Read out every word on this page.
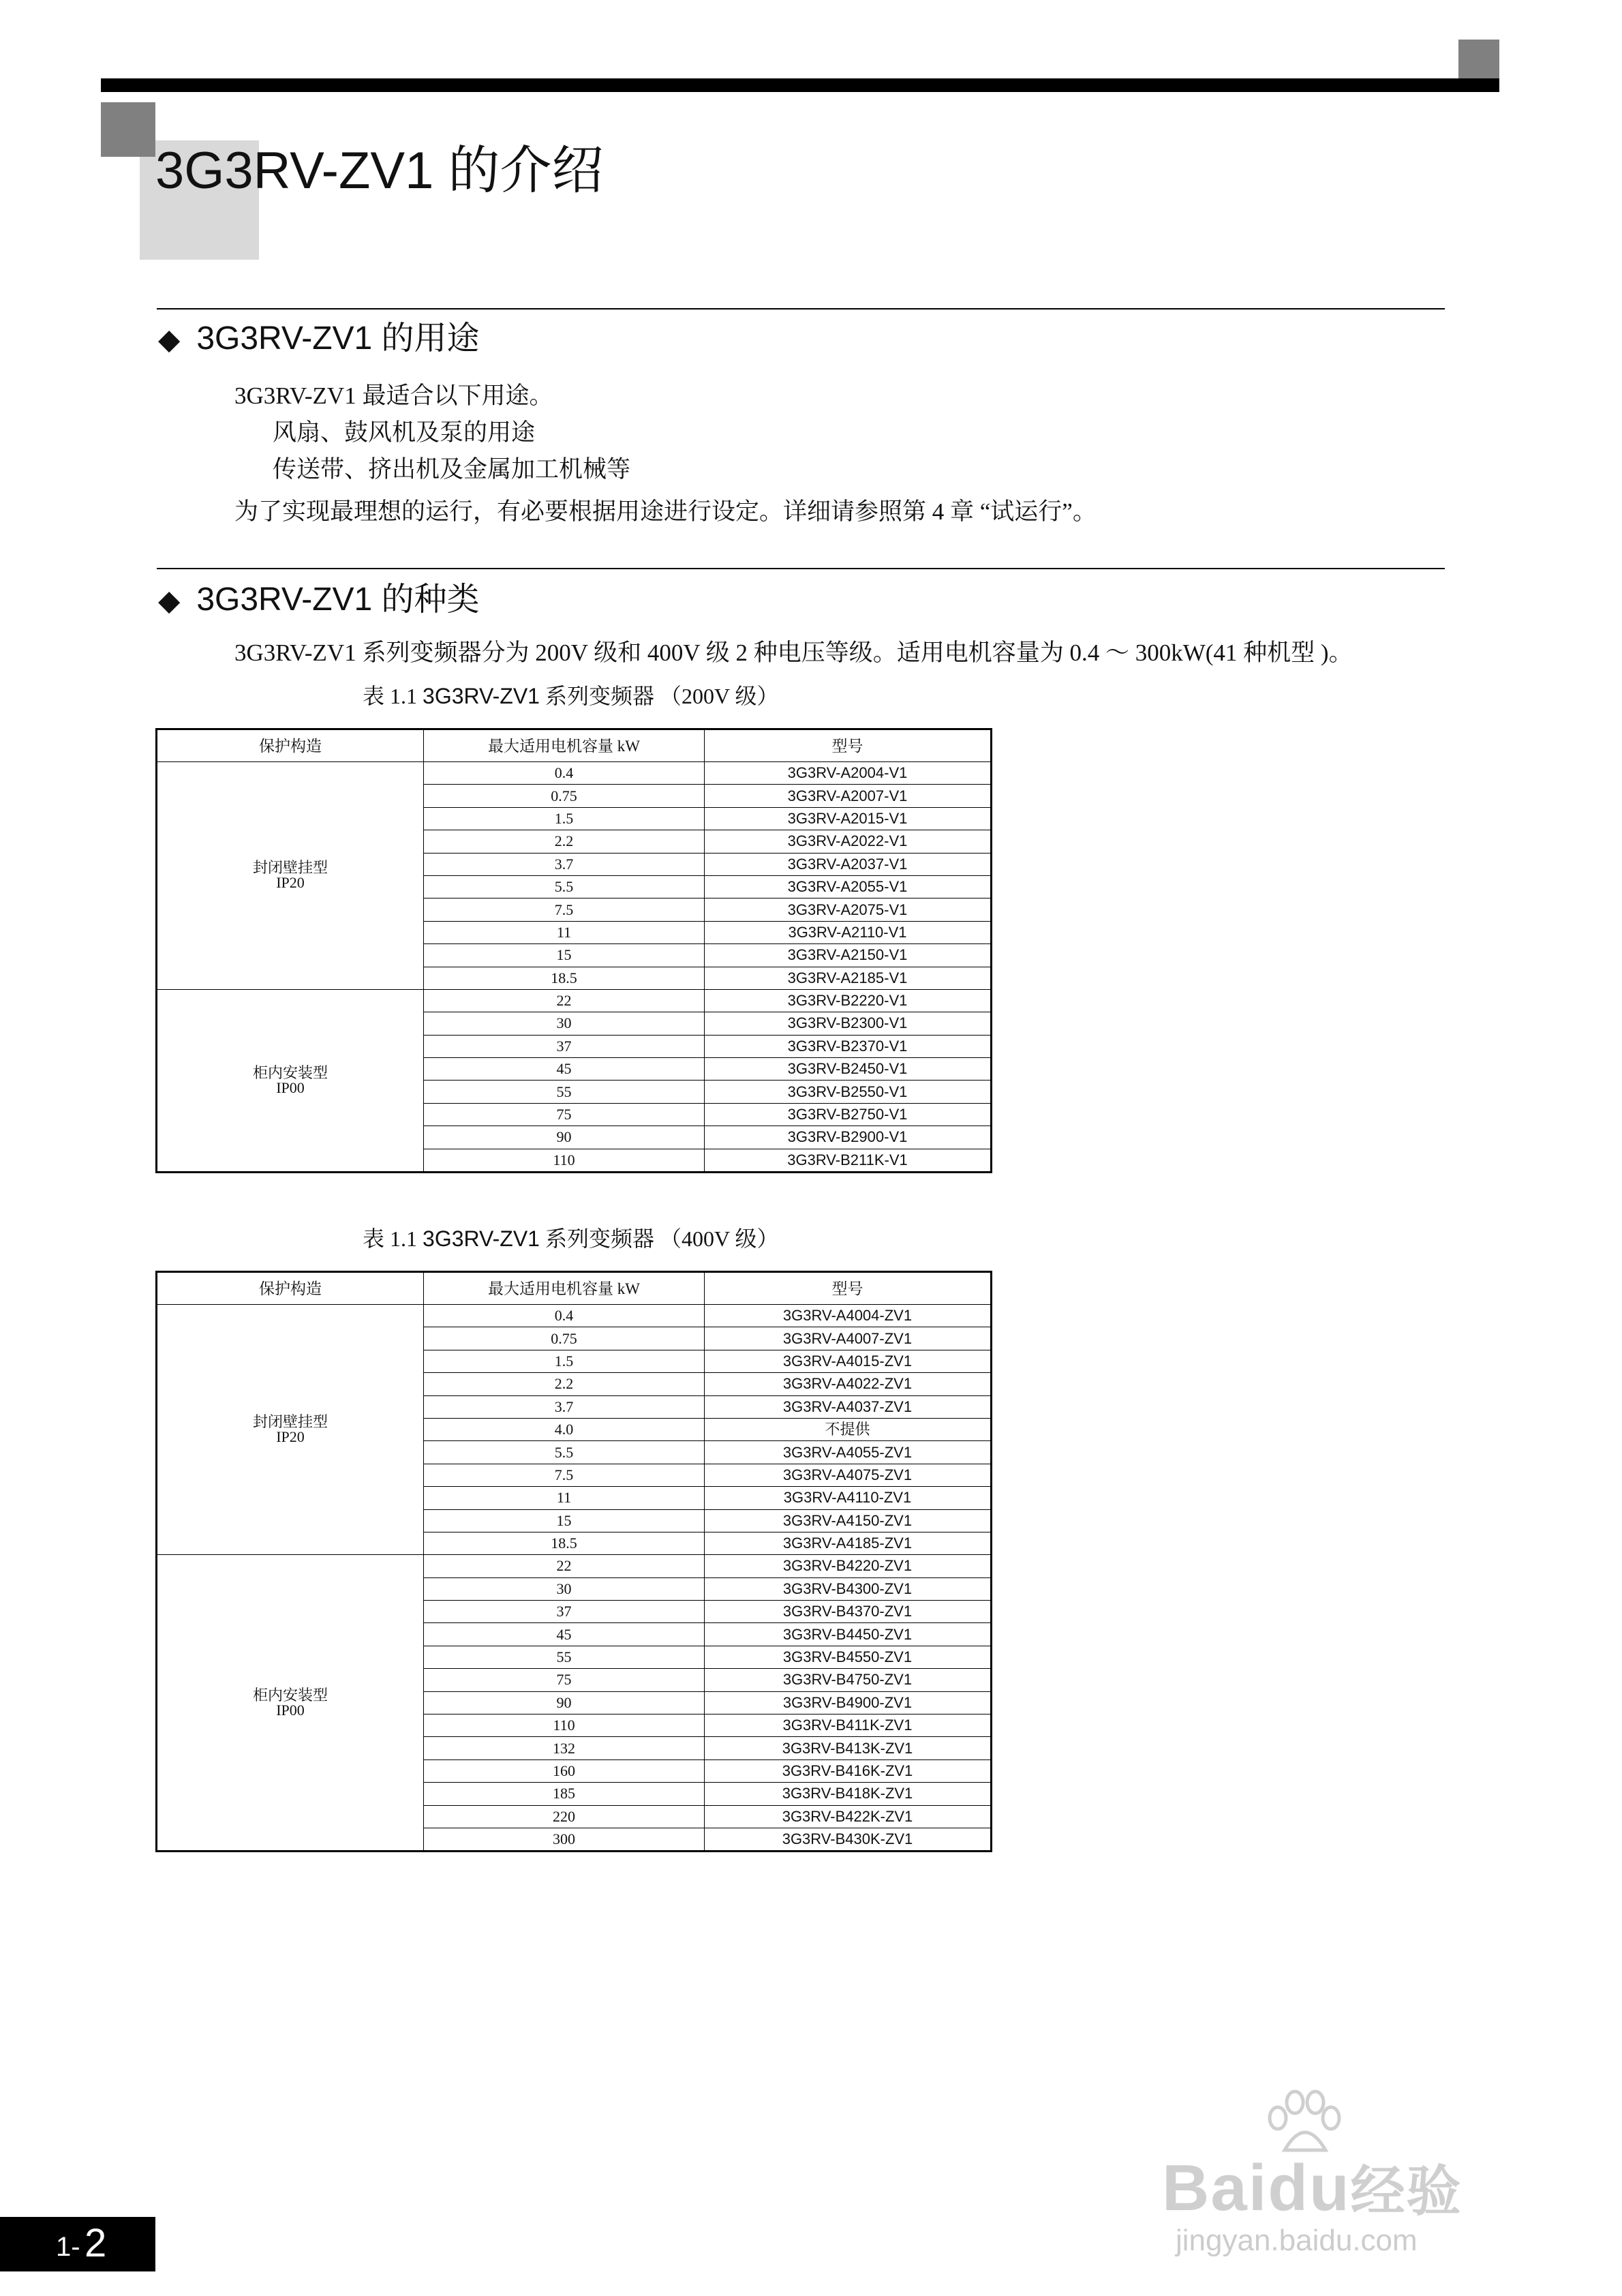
3G3RV-ZV1 的介绍
◆ 3G3RV-ZV1 的用途
3G3RV-ZV1 最适合以下用途。
风扇、鼓风机及泵的用途
传送带、挤出机及金属加工机械等
为了实现最理想的运行，有必要根据用途进行设定。详细请参照第 4 章 “试运行”。
◆ 3G3RV-ZV1 的种类
3G3RV-ZV1 系列变频器分为 200V 级和 400V 级 2 种电压等级。适用电机容量为 0.4 ～ 300kW(41 种机型 )。
表 1.1 3G3RV-ZV1 系列变频器 （200V 级）
保护构造	最大适用电机容量 kW	型号

封闭壁挂型
IP20	0.4	3G3RV-A2004-V1
	0.75	3G3RV-A2007-V1
	1.5	3G3RV-A2015-V1
	2.2	3G3RV-A2022-V1
	3.7	3G3RV-A2037-V1
	5.5	3G3RV-A2055-V1
	7.5	3G3RV-A2075-V1
	11	3G3RV-A2110-V1
	15	3G3RV-A2150-V1
	18.5	3G3RV-A2185-V1

柜内安装型
IP00	22	3G3RV-B2220-V1
	30	3G3RV-B2300-V1
	37	3G3RV-B2370-V1
	45	3G3RV-B2450-V1
	55	3G3RV-B2550-V1
	75	3G3RV-B2750-V1
	90	3G3RV-B2900-V1
	110	3G3RV-B211K-V1
表 1.1 3G3RV-ZV1 系列变频器 （400V 级）
保护构造	最大适用电机容量 kW	型号

封闭壁挂型
IP20	0.4	3G3RV-A4004-ZV1
	0.75	3G3RV-A4007-ZV1
	1.5	3G3RV-A4015-ZV1
	2.2	3G3RV-A4022-ZV1
	3.7	3G3RV-A4037-ZV1
	4.0	不提供
	5.5	3G3RV-A4055-ZV1
	7.5	3G3RV-A4075-ZV1
	11	3G3RV-A4110-ZV1
	15	3G3RV-A4150-ZV1
	18.5	3G3RV-A4185-ZV1

柜内安装型
IP00	22	3G3RV-B4220-ZV1
	30	3G3RV-B4300-ZV1
	37	3G3RV-B4370-ZV1
	45	3G3RV-B4450-ZV1
	55	3G3RV-B4550-ZV1
	75	3G3RV-B4750-ZV1
	90	3G3RV-B4900-ZV1
	110	3G3RV-B411K-ZV1
	132	3G3RV-B413K-ZV1
	160	3G3RV-B416K-ZV1
	185	3G3RV-B418K-ZV1
	220	3G3RV-B422K-ZV1
	300	3G3RV-B430K-ZV1
1- 2
Baidu经验
jingyan.baidu.com
